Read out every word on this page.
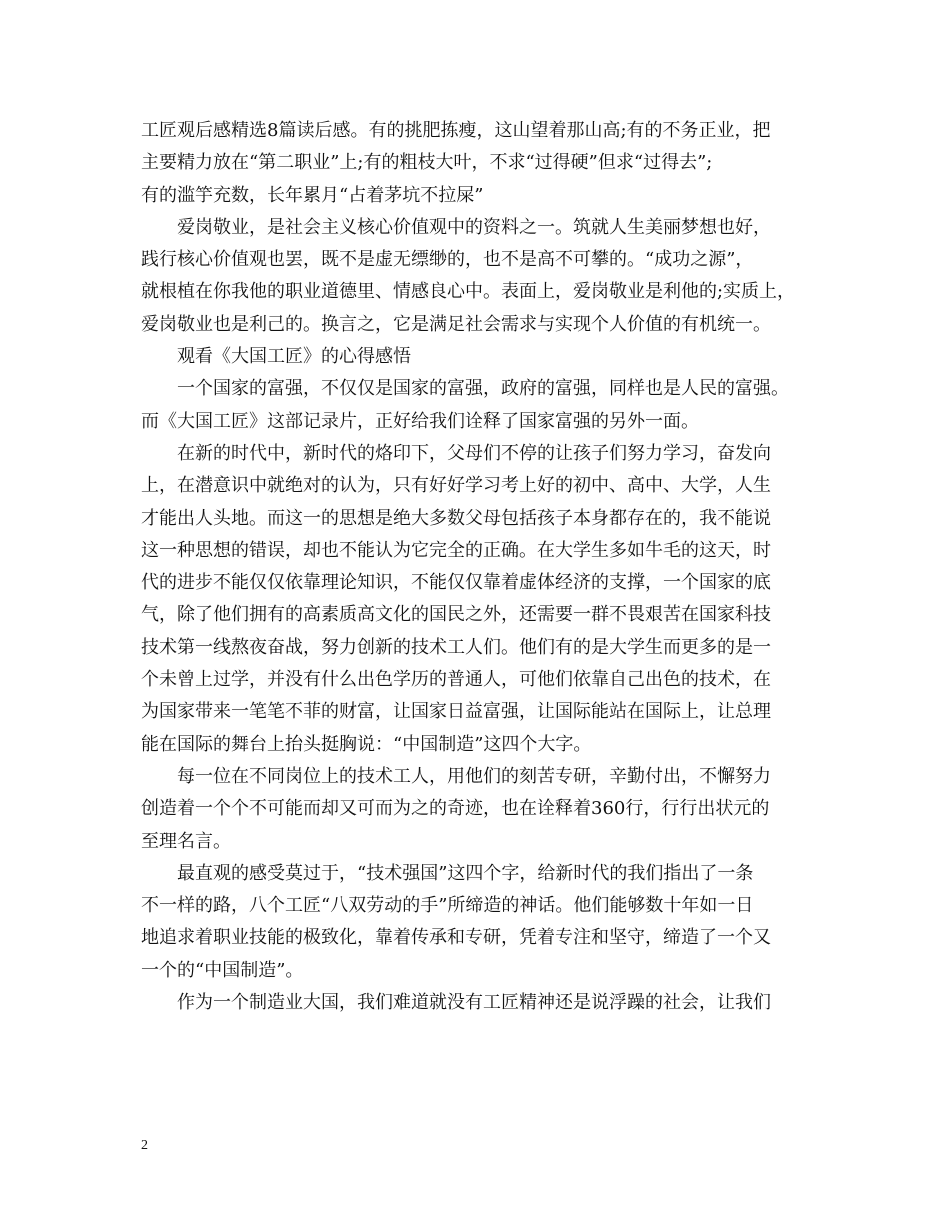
工匠观后感精选8篇读后感。有的挑肥拣瘦，这山望着那山高;有的不务正业，把
主要精力放在“第二职业”上;有的粗枝大叶，不求“过得硬”但求“过得去”;
有的滥竽充数，长年累月“占着茅坑不拉屎”
爱岗敬业，是社会主义核心价值观中的资料之一。筑就人生美丽梦想也好，
践行核心价值观也罢，既不是虚无缥缈的，也不是高不可攀的。“成功之源”，
就根植在你我他的职业道德里、情感良心中。表面上，爱岗敬业是利他的;实质上，
爱岗敬业也是利己的。换言之，它是满足社会需求与实现个人价值的有机统一。
观看《大国工匠》的心得感悟
一个国家的富强，不仅仅是国家的富强，政府的富强，同样也是人民的富强。
而《大国工匠》这部记录片，正好给我们诠释了国家富强的另外一面。
在新的时代中，新时代的烙印下，父母们不停的让孩子们努力学习，奋发向
上，在潜意识中就绝对的认为，只有好好学习考上好的初中、高中、大学，人生
才能出人头地。而这一的思想是绝大多数父母包括孩子本身都存在的，我不能说
这一种思想的错误，却也不能认为它完全的正确。在大学生多如牛毛的这天，时
代的进步不能仅仅依靠理论知识，不能仅仅靠着虚体经济的支撑，一个国家的底
气，除了他们拥有的高素质高文化的国民之外，还需要一群不畏艰苦在国家科技
技术第一线熬夜奋战，努力创新的技术工人们。他们有的是大学生而更多的是一
个未曾上过学，并没有什么出色学历的普通人，可他们依靠自己出色的技术，在
为国家带来一笔笔不菲的财富，让国家日益富强，让国际能站在国际上，让总理
能在国际的舞台上抬头挺胸说：“中国制造”这四个大字。
每一位在不同岗位上的技术工人，用他们的刻苦专研，辛勤付出，不懈努力
创造着一个个不可能而却又可而为之的奇迹，也在诠释着360行，行行出状元的
至理名言。
最直观的感受莫过于，“技术强国”这四个字，给新时代的我们指出了一条
不一样的路，八个工匠“八双劳动的手”所缔造的神话。他们能够数十年如一日
地追求着职业技能的极致化，靠着传承和专研，凭着专注和坚守，缔造了一个又
一个的“中国制造”。
作为一个制造业大国，我们难道就没有工匠精神还是说浮躁的社会，让我们
2
